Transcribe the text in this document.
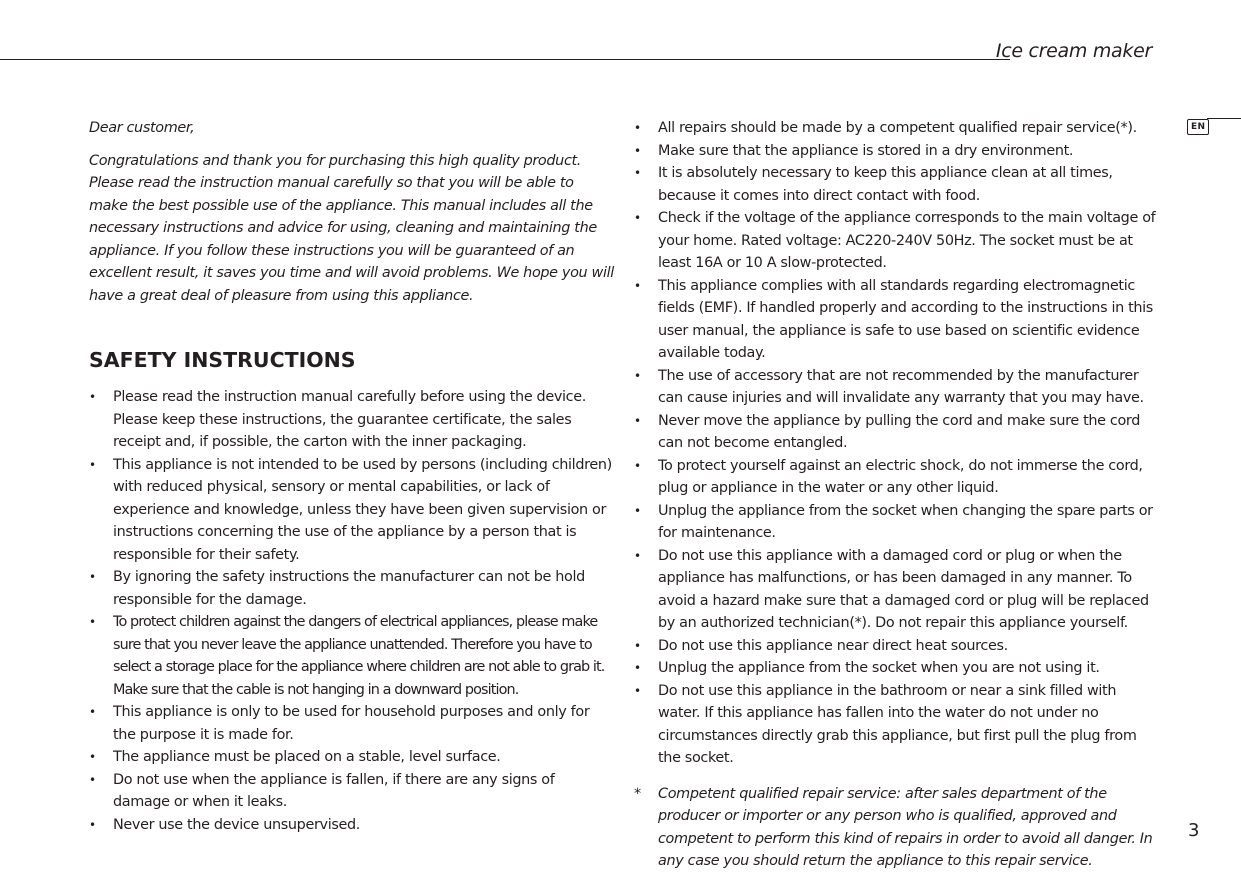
Ice cream maker
EN

Dear customer,

Congratulations and thank you for purchasing this high quality product. Please read the instruction manual carefully so that you will be able to make the best possible use of the appliance. This manual includes all the necessary instructions and advice for using, cleaning and maintaining the appliance. If you follow these instructions you will be guaranteed of an excellent result, it saves you time and will avoid problems. We hope you will have a great deal of pleasure from using this appliance.

SAFETY INSTRUCTIONS
• Please read the instruction manual carefully before using the device. Please keep these instructions, the guarantee certificate, the sales receipt and, if possible, the carton with the inner packaging.
• This appliance is not intended to be used by persons (including children) with reduced physical, sensory or mental capabilities, or lack of experience and knowledge, unless they have been given supervision or instructions concerning the use of the appliance by a person that is responsible for their safety.
• By ignoring the safety instructions the manufacturer can not be hold responsible for the damage.
• To protect children against the dangers of electrical appliances, please make sure that you never leave the appliance unattended. Therefore you have to select a storage place for the appliance where children are not able to grab it. Make sure that the cable is not hanging in a downward position.
• This appliance is only to be used for household purposes and only for the purpose it is made for.
• The appliance must be placed on a stable, level surface.
• Do not use when the appliance is fallen, if there are any signs of damage or when it leaks.
• Never use the device unsupervised.
• All repairs should be made by a competent qualified repair service(*).
• Make sure that the appliance is stored in a dry environment.
• It is absolutely necessary to keep this appliance clean at all times, because it comes into direct contact with food.
• Check if the voltage of the appliance corresponds to the main voltage of your home. Rated voltage: AC220-240V 50Hz. The socket must be at least 16A or 10 A slow-protected.
• This appliance complies with all standards regarding electromagnetic fields (EMF). If handled properly and according to the instructions in this user manual, the appliance is safe to use based on scientific evidence available today.
• The use of accessory that are not recommended by the manufacturer can cause injuries and will invalidate any warranty that you may have.
• Never move the appliance by pulling the cord and make sure the cord can not become entangled.
• To protect yourself against an electric shock, do not immerse the cord, plug or appliance in the water or any other liquid.
• Unplug the appliance from the socket when changing the spare parts or for maintenance.
• Do not use this appliance with a damaged cord or plug or when the appliance has malfunctions, or has been damaged in any manner. To avoid a hazard make sure that a damaged cord or plug will be replaced by an authorized technician(*). Do not repair this appliance yourself.
• Do not use this appliance near direct heat sources.
• Unplug the appliance from the socket when you are not using it.
• Do not use this appliance in the bathroom or near a sink filled with water. If this appliance has fallen into the water do not under no circumstances directly grab this appliance, but first pull the plug from the socket.
* Competent qualified repair service: after sales department of the producer or importer or any person who is qualified, approved and competent to perform this kind of repairs in order to avoid all danger. In any case you should return the appliance to this repair service.
3
